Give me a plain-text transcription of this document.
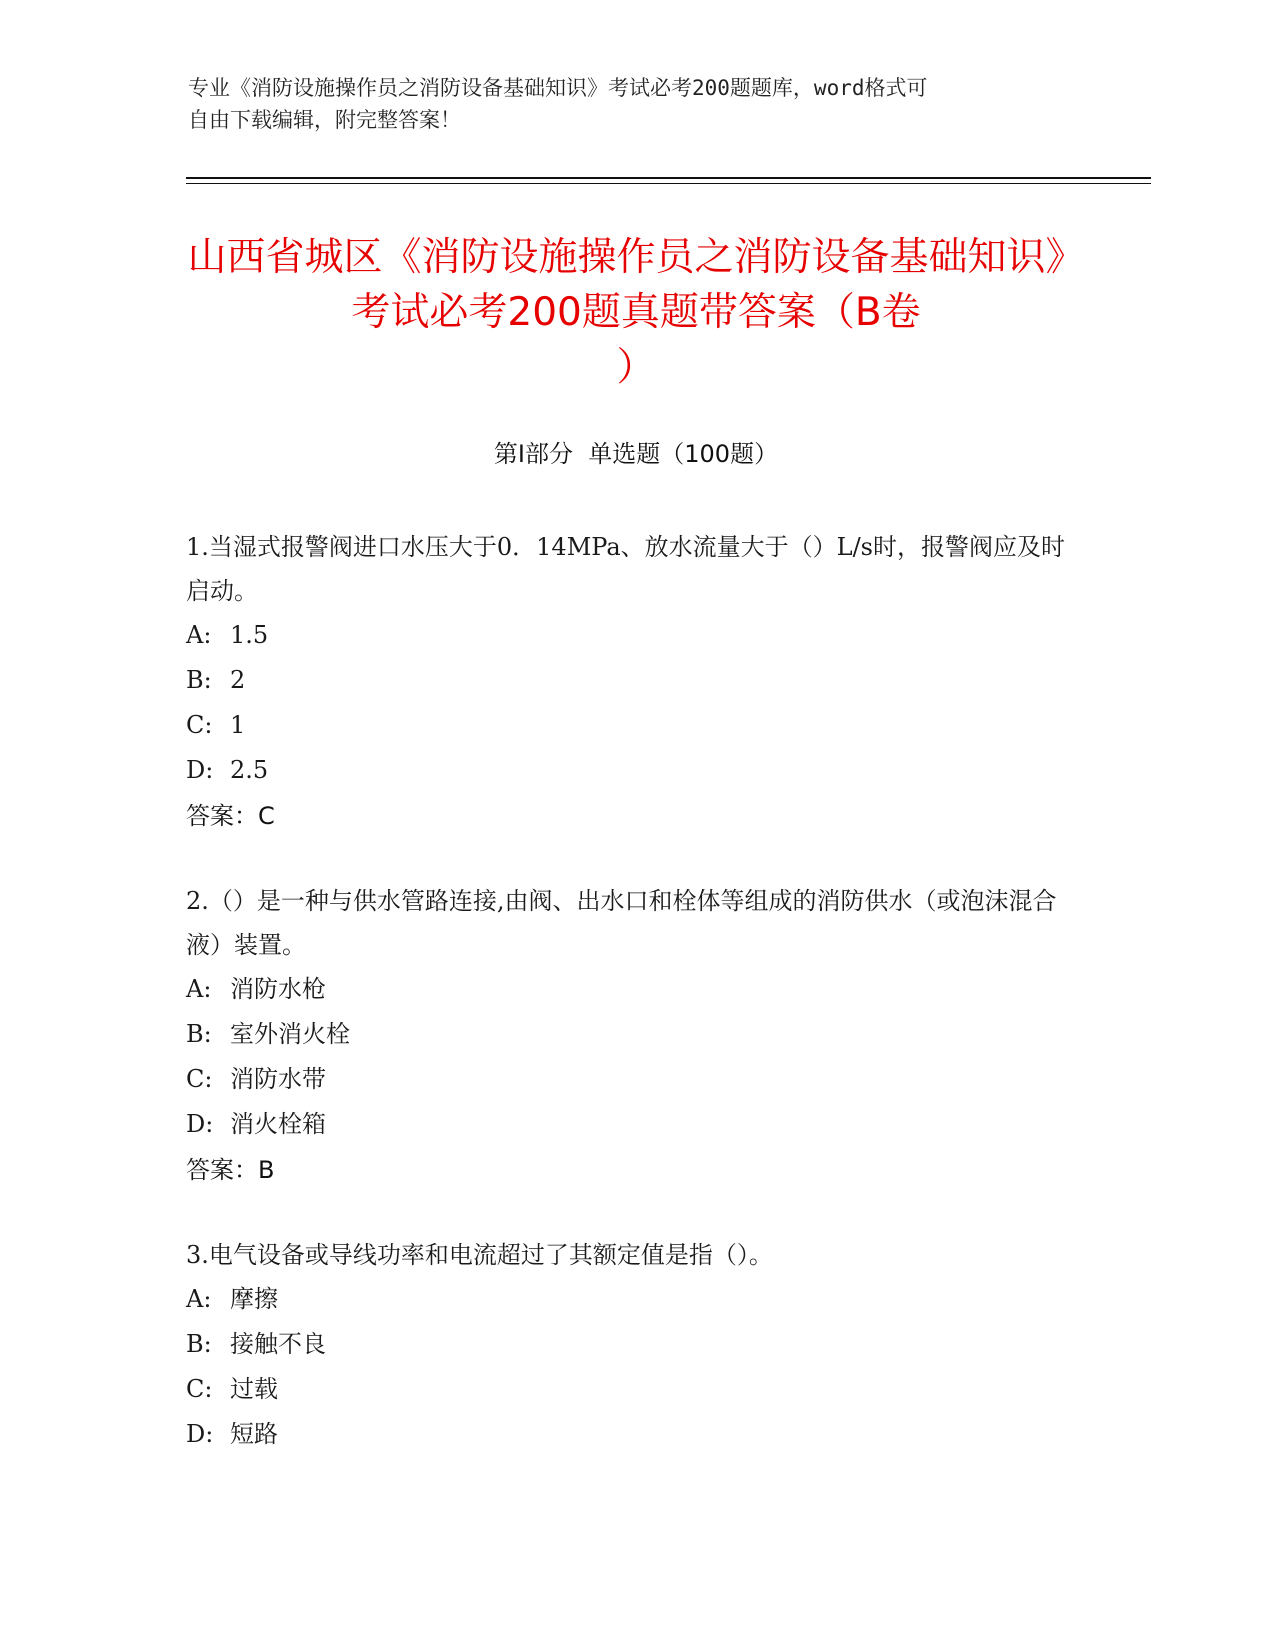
专业《消防设施操作员之消防设备基础知识》考试必考200题题库，word格式可
自由下载编辑，附完整答案！
山西省城区《消防设施操作员之消防设备基础知识》考试必考200题真题带答案（B卷
）
第I部分  单选题（100题）

1.当湿式报警阀进口水压大于0．14MPa、放水流量大于（）L/s时，报警阀应及时启动。

A: 1.5

B: 2

C: 1

D: 2.5

答案：C

2.（）是一种与供水管路连接,由阀、出水口和栓体等组成的消防供水（或泡沫混合液）装置。

A: 消防水枪

B: 室外消火栓

C: 消防水带

D: 消火栓箱

答案：B

3.电气设备或导线功率和电流超过了其额定值是指（）。

A: 摩擦

B: 接触不良

C: 过载

D: 短路
